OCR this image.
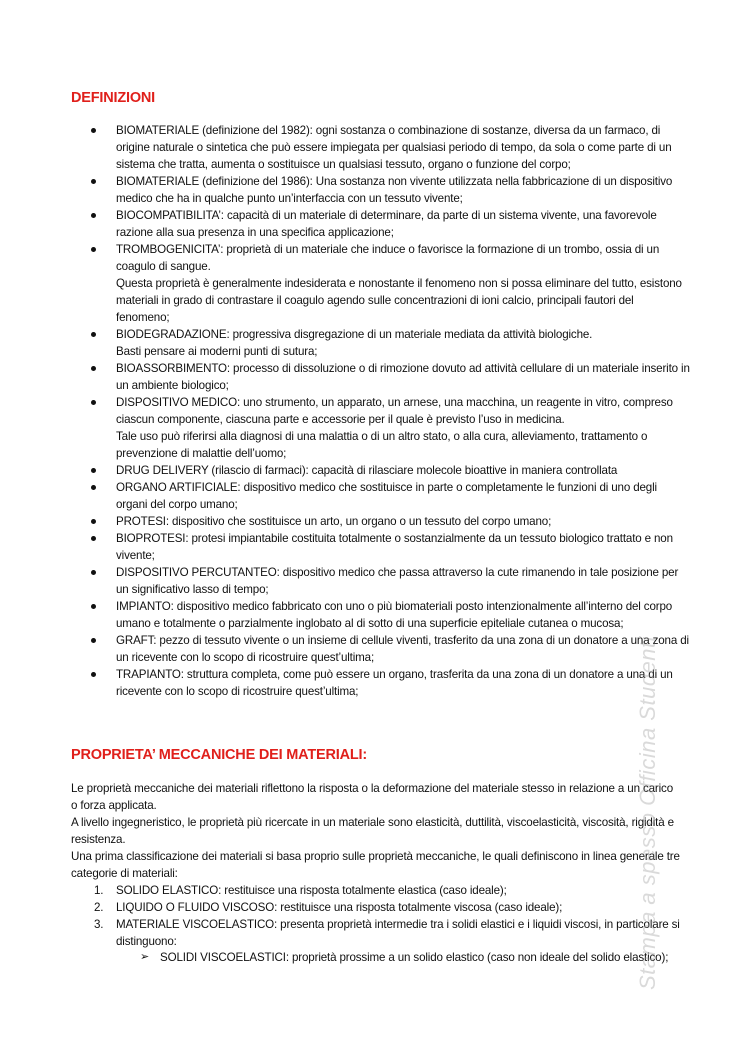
DEFINIZIONI
BIOMATERIALE (definizione del 1982): ogni sostanza o combinazione di sostanze, diversa da un farmaco, di origine naturale o sintetica che può essere impiegata per qualsiasi periodo di tempo, da sola o come parte di un sistema che tratta, aumenta o sostituisce un qualsiasi tessuto, organo o funzione del corpo;
BIOMATERIALE (definizione del 1986): Una sostanza non vivente utilizzata nella fabbricazione di un dispositivo medico che ha in qualche punto un’interfaccia con un tessuto vivente;
BIOCOMPATIBILITA’: capacità di un materiale di determinare, da parte di un sistema vivente, una favorevole razione alla sua presenza in una specifica applicazione;
TROMBOGENICITA’: proprietà di un materiale che induce o favorisce la formazione di un trombo, ossia di un coagulo di sangue.
Questa proprietà è generalmente indesiderata e nonostante il fenomeno non si possa eliminare del tutto, esistono materiali in grado di contrastare il coagulo agendo sulle concentrazioni di ioni calcio, principali fautori del fenomeno;
BIODEGRADAZIONE: progressiva disgregazione di un materiale mediata da attività biologiche.
Basti pensare ai moderni punti di sutura;
BIOASSORBIMENTO: processo di dissoluzione o di rimozione dovuto ad attività cellulare di un materiale inserito in un ambiente biologico;
DISPOSITIVO MEDICO: uno strumento, un apparato, un arnese, una macchina, un reagente in vitro, compreso ciascun componente, ciascuna parte e accessorie per il quale è previsto l’uso in medicina.
Tale uso può riferirsi alla diagnosi di una malattia o di un altro stato, o alla cura, alleviamento, trattamento o prevenzione di malattie dell’uomo;
DRUG DELIVERY (rilascio di farmaci): capacità di rilasciare molecole bioattive in maniera controllata
ORGANO ARTIFICIALE: dispositivo medico che sostituisce in parte o completamente le funzioni di uno degli organi del corpo umano;
PROTESI: dispositivo che sostituisce un arto, un organo o un tessuto del corpo umano;
BIOPROTESI: protesi impiantabile costituita totalmente o sostanzialmente da un tessuto biologico trattato e non vivente;
DISPOSITIVO PERCUTANTEO: dispositivo medico che passa attraverso la cute rimanendo in tale posizione per un significativo lasso di tempo;
IMPIANTO: dispositivo medico fabbricato con uno o più biomateriali posto intenzionalmente all’interno del corpo umano e totalmente o parzialmente inglobato al di sotto di una superficie epiteliale cutanea o mucosa;
GRAFT: pezzo di tessuto vivente o un insieme di cellule viventi, trasferito da una zona di un donatore a una zona di un ricevente con lo scopo di ricostruire quest’ultima;
TRAPIANTO: struttura completa, come può essere un organo, trasferita da una zona di un donatore a una di un ricevente con lo scopo di ricostruire quest’ultima;
PROPRIETA’ MECCANICHE DEI MATERIALI:
Le proprietà meccaniche dei materiali riflettono la risposta o la deformazione del materiale stesso in relazione a un carico o forza applicata.
A livello ingegneristico, le proprietà più ricercate in un materiale sono elasticità, duttilità, viscoelasticità, viscosità, rigidità e resistenza.
Una prima classificazione dei materiali si basa proprio sulle proprietà meccaniche, le quali definiscono in linea generale tre categorie di materiali:
1. SOLIDO ELASTICO: restituisce una risposta totalmente elastica (caso ideale);
2. LIQUIDO O FLUIDO VISCOSO: restituisce una risposta totalmente viscosa (caso ideale);
3. MATERIALE VISCOELASTICO: presenta proprietà intermedie tra i solidi elastici e i liquidi viscosi, in particolare si distinguono:
➢ SOLIDI VISCOELASTICI: proprietà prossime a un solido elastico (caso non ideale del solido elastico);
Stampa a spesso Officina Studenti
